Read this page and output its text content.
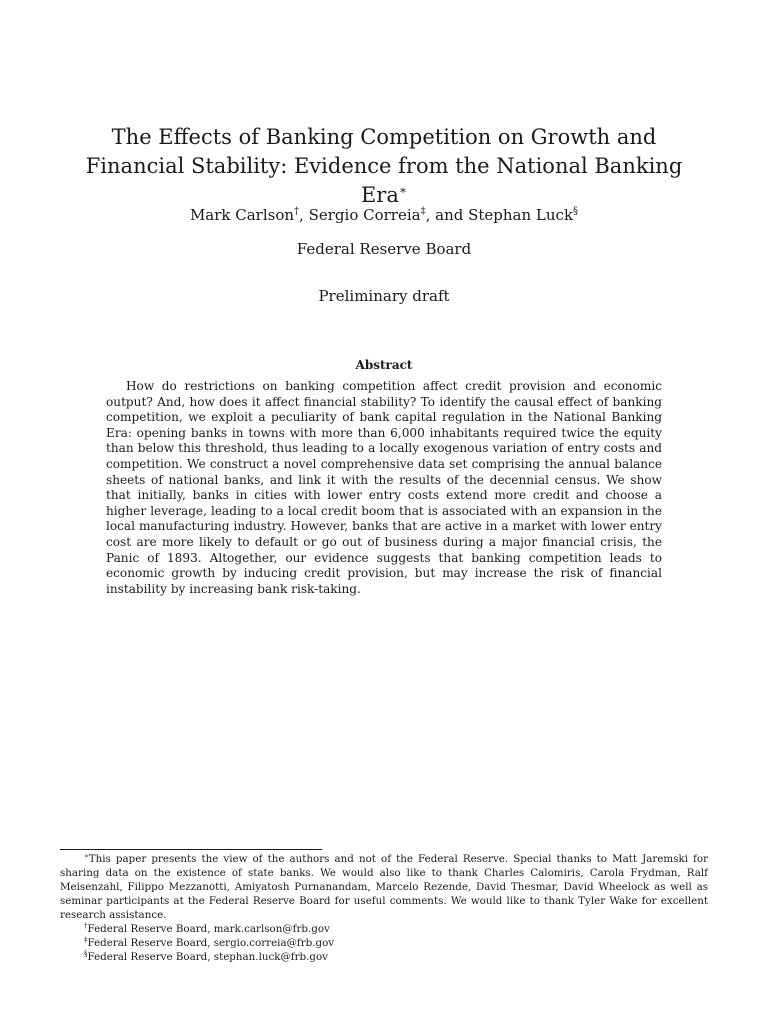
The Effects of Banking Competition on Growth and Financial Stability: Evidence from the National Banking Era∗
Mark Carlson†, Sergio Correia‡, and Stephan Luck§
Federal Reserve Board
Preliminary draft
Abstract

How do restrictions on banking competition affect credit provision and economic output? And, how does it affect financial stability? To identify the causal effect of banking competition, we exploit a peculiarity of bank capital regulation in the National Banking Era: opening banks in towns with more than 6,000 inhabitants required twice the equity than below this threshold, thus leading to a locally exogenous variation of entry costs and competition. We construct a novel comprehensive data set comprising the annual balance sheets of national banks, and link it with the results of the decennial census. We show that initially, banks in cities with lower entry costs extend more credit and choose a higher leverage, leading to a local credit boom that is associated with an expansion in the local manufacturing industry. However, banks that are active in a market with lower entry cost are more likely to default or go out of business during a major financial crisis, the Panic of 1893. Altogether, our evidence suggests that banking competition leads to economic growth by inducing credit provision, but may increase the risk of financial instability by increasing bank risk-taking.

∗This paper presents the view of the authors and not of the Federal Reserve. Special thanks to Matt Jaremski for sharing data on the existence of state banks. We would also like to thank Charles Calomiris, Carola Frydman, Ralf Meisenzahl, Filippo Mezzanotti, Amiyatosh Purnanandam, Marcelo Rezende, David Thesmar, David Wheelock as well as seminar participants at the Federal Reserve Board for useful comments. We would like to thank Tyler Wake for excellent research assistance.

†Federal Reserve Board, mark.carlson@frb.gov

‡Federal Reserve Board, sergio.correia@frb.gov

§Federal Reserve Board, stephan.luck@frb.gov
